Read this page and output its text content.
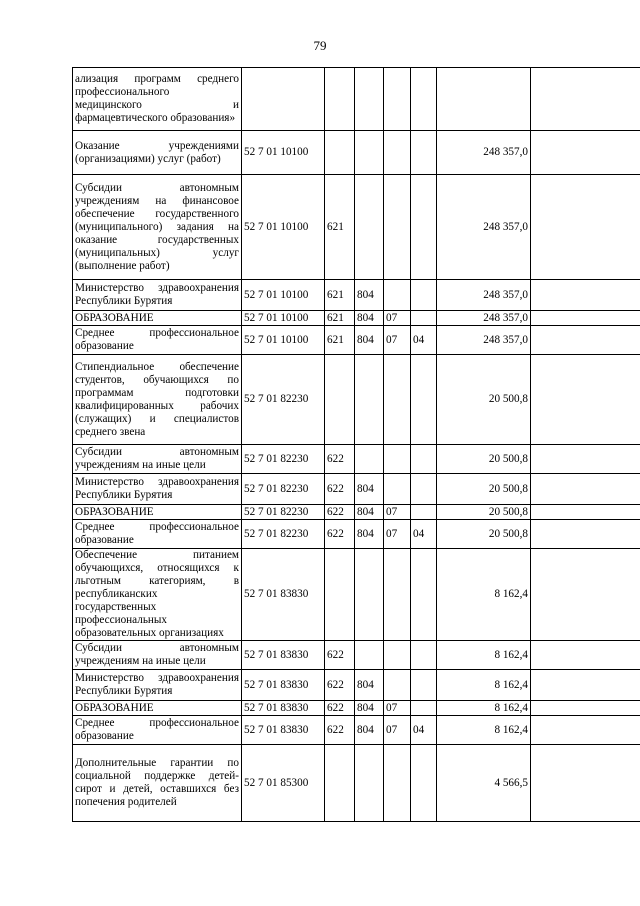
79
ализация программ среднего профессионального медицинского и фармацевтического образования»							
Оказание учреждениями (организациями) услуг (работ)	52 7 01 10100					248 357,0	
Субсидии автономным учреждениям на финансовое обеспечение государственного (муниципального) задания на оказание государственных (муниципальных) услуг (выполнение работ)	52 7 01 10100	621				248 357,0	
Министерство здравоохранения Республики Бурятия	52 7 01 10100	621	804			248 357,0	
ОБРАЗОВАНИЕ	52 7 01 10100	621	804	07		248 357,0	
Среднее профессиональное образование	52 7 01 10100	621	804	07	04	248 357,0	
Стипендиальное обеспечение студентов, обучающихся по программам подготовки квалифицированных рабочих (служащих) и специалистов среднего звена	52 7 01 82230					20 500,8	
Субсидии автономным учреждениям на иные цели	52 7 01 82230	622				20 500,8	
Министерство здравоохранения Республики Бурятия	52 7 01 82230	622	804			20 500,8	
ОБРАЗОВАНИЕ	52 7 01 82230	622	804	07		20 500,8	
Среднее профессиональное образование	52 7 01 82230	622	804	07	04	20 500,8	
Обеспечение питанием обучающихся, относящихся к льготным категориям, в республиканских государственных профессиональных образовательных организациях	52 7 01 83830					8 162,4	
Субсидии автономным учреждениям на иные цели	52 7 01 83830	622				8 162,4	
Министерство здравоохранения Республики Бурятия	52 7 01 83830	622	804			8 162,4	
ОБРАЗОВАНИЕ	52 7 01 83830	622	804	07		8 162,4	
Среднее профессиональное образование	52 7 01 83830	622	804	07	04	8 162,4	
Дополнительные гарантии по социальной поддержке детей-сирот и детей, оставшихся без попечения родителей	52 7 01 85300					4 566,5	
